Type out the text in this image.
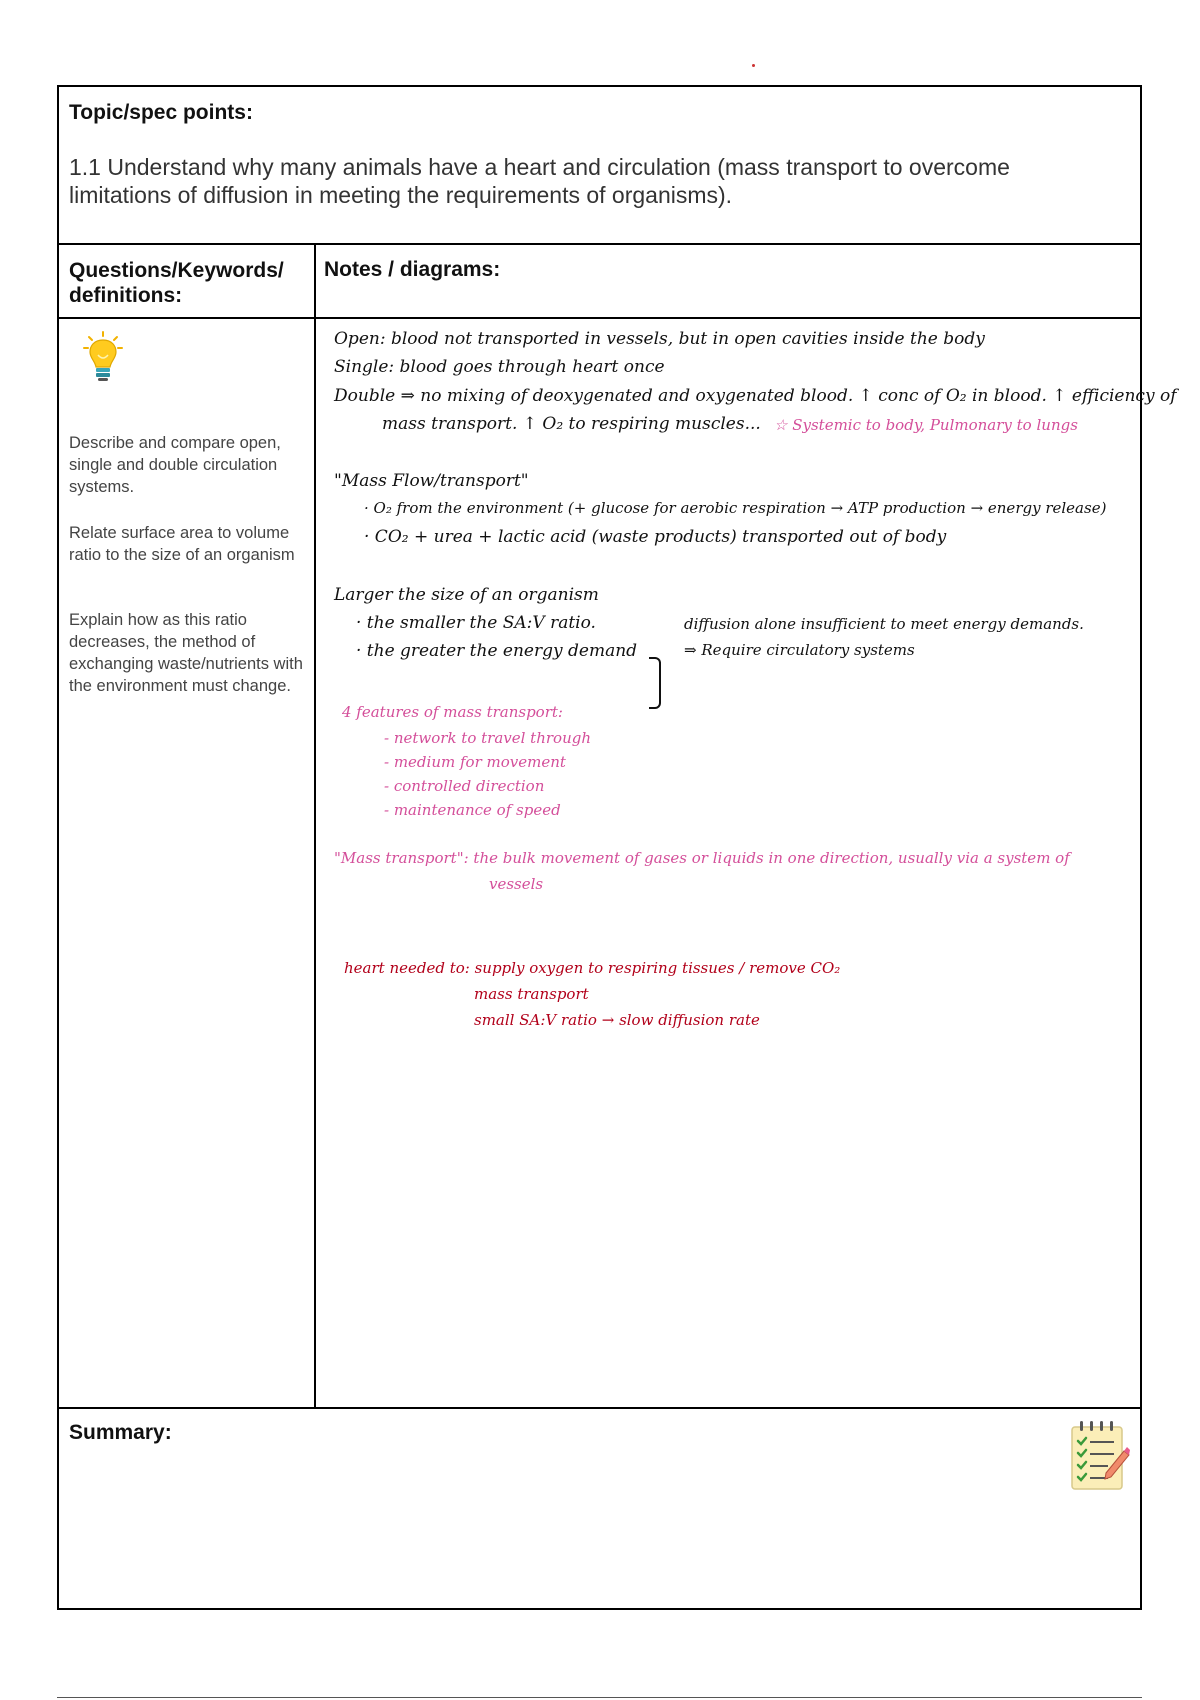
Topic/spec points:
1.1 Understand why many animals have a heart and circulation (mass transport to overcome limitations of diffusion in meeting the requirements of organisms).
Questions/Keywords/ definitions:
Notes / diagrams:

Describe and compare open, single and double circulation systems.

Relate surface area to volume ratio to the size of an organism

Explain how as this ratio decreases, the method of exchanging waste/nutrients with the environment must change.

Open: blood not transported in vessels, but in open cavities inside the body
Single: blood goes through heart once
Double ⇒ no mixing of deoxygenated and oxygenated blood. ↑ conc of O₂ in blood. ↑ efficiency of
mass transport. ↑ O₂ to respiring muscles... ☆ Systemic to body, Pulmonary to lungs
"Mass Flow/transport"
· O₂ from the environment (+ glucose for aerobic respiration → ATP production → energy release)
· CO₂ + urea + lactic acid (waste products) transported out of body
Larger the size of an organism
· the smaller the SA:V ratio.
· the greater the energy demand
diffusion alone insufficient to meet energy demands.
⇒ Require circulatory systems
4 features of mass transport:
- network to travel through
- medium for movement
- controlled direction
- maintenance of speed
"Mass transport": the bulk movement of gases or liquids in one direction, usually via a system of
vessels
heart needed to: supply oxygen to respiring tissues / remove CO₂
mass transport
small SA:V ratio → slow diffusion rate
Summary:
